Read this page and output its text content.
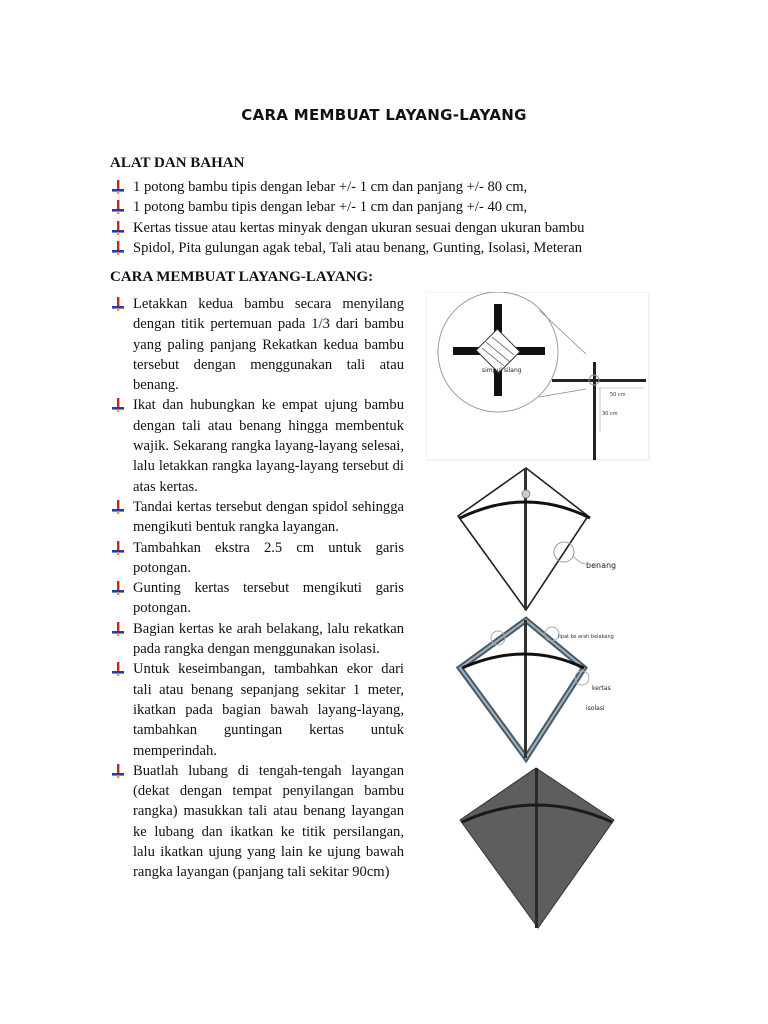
CARA MEMBUAT LAYANG-LAYANG
ALAT DAN BAHAN
1 potong bambu tipis dengan lebar +/- 1 cm dan panjang +/- 80 cm,
1 potong bambu tipis dengan lebar +/- 1 cm dan panjang +/- 40 cm,
Kertas tissue atau kertas minyak dengan ukuran sesuai dengan ukuran bambu
Spidol, Pita gulungan agak tebal, Tali atau benang, Gunting, Isolasi, Meteran
CARA MEMBUAT LAYANG-LAYANG:
Letakkan kedua bambu secara menyilang dengan titik pertemuan pada 1/3 dari bambu yang paling panjang Rekatkan kedua bambu tersebut dengan menggunakan tali atau benang.
Ikat dan hubungkan ke empat ujung bambu dengan tali atau benang hingga membentuk wajik. Sekarang rangka layang-layang selesai, lalu letakkan rangka layang-layang tersebut di atas kertas.
Tandai kertas tersebut dengan spidol sehingga mengikuti bentuk rangka layangan.
Tambahkan ekstra 2.5 cm untuk garis potongan.
Gunting kertas tersebut mengikuti garis potongan.
Bagian kertas ke arah belakang, lalu rekatkan pada rangka dengan menggunakan isolasi.
Untuk keseimbangan, tambahkan ekor dari tali atau benang sepanjang sekitar 1 meter, ikatkan pada bagian bawah layang-layang, tambahkan guntingan kertas untuk memperindah.
Buatlah lubang di tengah-tengah layangan (dekat dengan tempat penyilangan bambu rangka) masukkan tali atau benang layangan ke lubang dan ikatkan ke titik persilangan, lalu ikatkan ujung yang lain ke ujung bawah rangka layangan (panjang tali sekitar 90cm)
simpul silang
50 cm
30 cm
benang
lipat ke arah belakang
kertas
isolasi
